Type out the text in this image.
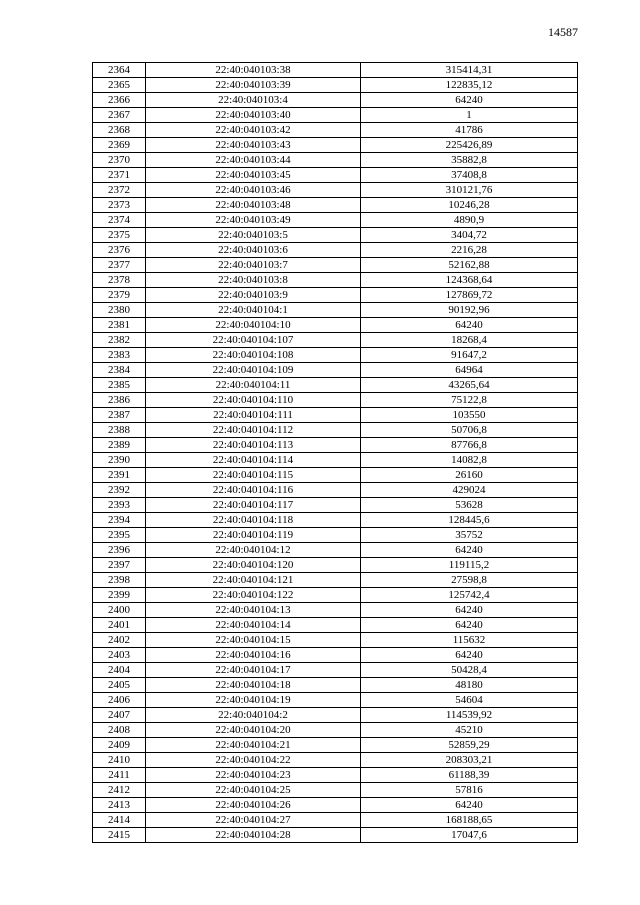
14587
2364	22:40:040103:38	315414,31
2365	22:40:040103:39	122835,12
2366	22:40:040103:4	64240
2367	22:40:040103:40	1
2368	22:40:040103:42	41786
2369	22:40:040103:43	225426,89
2370	22:40:040103:44	35882,8
2371	22:40:040103:45	37408,8
2372	22:40:040103:46	310121,76
2373	22:40:040103:48	10246,28
2374	22:40:040103:49	4890,9
2375	22:40:040103:5	3404,72
2376	22:40:040103:6	2216,28
2377	22:40:040103:7	52162,88
2378	22:40:040103:8	124368,64
2379	22:40:040103:9	127869,72
2380	22:40:040104:1	90192,96
2381	22:40:040104:10	64240
2382	22:40:040104:107	18268,4
2383	22:40:040104:108	91647,2
2384	22:40:040104:109	64964
2385	22:40:040104:11	43265,64
2386	22:40:040104:110	75122,8
2387	22:40:040104:111	103550
2388	22:40:040104:112	50706,8
2389	22:40:040104:113	87766,8
2390	22:40:040104:114	14082,8
2391	22:40:040104:115	26160
2392	22:40:040104:116	429024
2393	22:40:040104:117	53628
2394	22:40:040104:118	128445,6
2395	22:40:040104:119	35752
2396	22:40:040104:12	64240
2397	22:40:040104:120	119115,2
2398	22:40:040104:121	27598,8
2399	22:40:040104:122	125742,4
2400	22:40:040104:13	64240
2401	22:40:040104:14	64240
2402	22:40:040104:15	115632
2403	22:40:040104:16	64240
2404	22:40:040104:17	50428,4
2405	22:40:040104:18	48180
2406	22:40:040104:19	54604
2407	22:40:040104:2	114539,92
2408	22:40:040104:20	45210
2409	22:40:040104:21	52859,29
2410	22:40:040104:22	208303,21
2411	22:40:040104:23	61188,39
2412	22:40:040104:25	57816
2413	22:40:040104:26	64240
2414	22:40:040104:27	168188,65
2415	22:40:040104:28	17047,6
